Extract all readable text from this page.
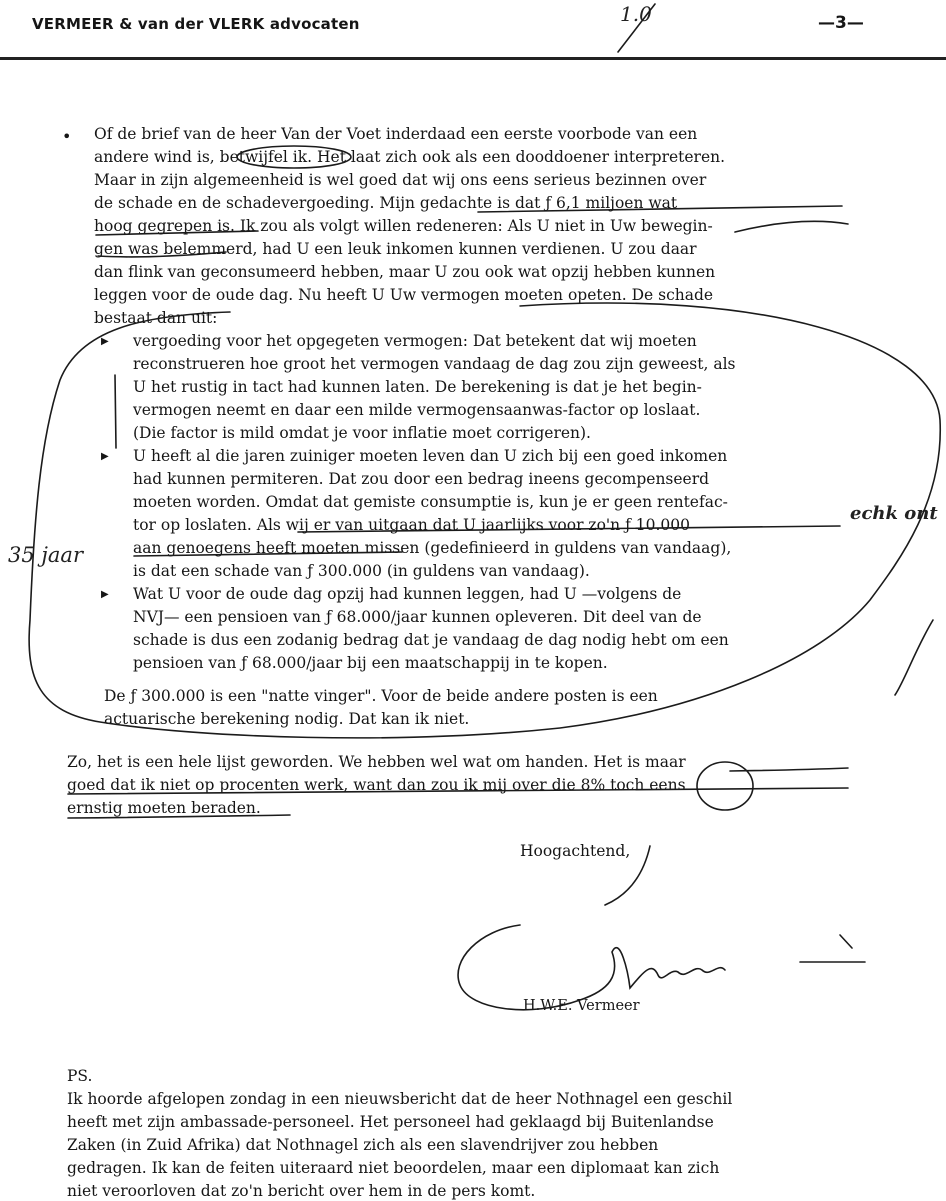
VERMEER & van der VLERK advocaten	1.0	—3—
• Of de brief van de heer Van der Voet inderdaad een eerste voorbode van een
andere wind is, betwijfel ik. Het laat zich ook als een dooddoener interpreteren.
Maar in zijn algemeenheid is wel goed dat wij ons eens serieus bezinnen over
de schade en de schadevergoeding. Mijn gedachte is dat ƒ 6,1 miljoen wat
hoog gegrepen is. Ik zou als volgt willen redeneren: Als U niet in Uw bewegin-
gen was belemmerd, had U een leuk inkomen kunnen verdienen. U zou daar
dan flink van geconsumeerd hebben, maar U zou ook wat opzij hebben kunnen
leggen voor de oude dag. Nu heeft U Uw vermogen moeten opeten. De schade
bestaat dan uit:
▶ vergoeding voor het opgegeten vermogen: Dat betekent dat wij moeten
reconstrueren hoe groot het vermogen vandaag de dag zou zijn geweest, als
U het rustig in tact had kunnen laten. De berekening is dat je het begin-
vermogen neemt en daar een milde vermogensaanwas-factor op loslaat.
(Die factor is mild omdat je voor inflatie moet corrigeren).
▶ U heeft al die jaren zuiniger moeten leven dan U zich bij een goed inkomen
had kunnen permiteren. Dat zou door een bedrag ineens gecompenseerd
moeten worden. Omdat dat gemiste consumptie is, kun je er geen rentefac-
tor op loslaten. Als wij er van uitgaan dat U jaarlijks voor zo'n ƒ 10.000
aan genoegens heeft moeten missen (gedefinieerd in guldens van vandaag),
is dat een schade van ƒ 300.000 (in guldens van vandaag).
▶ Wat U voor de oude dag opzij had kunnen leggen, had U —volgens de
NVJ— een pensioen van ƒ 68.000/jaar kunnen opleveren. Dit deel van de
schade is dus een zodanig bedrag dat je vandaag de dag nodig hebt om een
pensioen van ƒ 68.000/jaar bij een maatschappij in te kopen.
De ƒ 300.000 is een "natte vinger". Voor de beide andere posten is een
actuarische berekening nodig. Dat kan ik niet.
Zo, het is een hele lijst geworden. We hebben wel wat om handen. Het is maar
goed dat ik niet op procenten werk, want dan zou ik mij over die 8% toch eens
ernstig moeten beraden.
Hoogachtend,
H.W.E. Vermeer
35 jaar
echk ont
PS.
Ik hoorde afgelopen zondag in een nieuwsbericht dat de heer Nothnagel een geschil
heeft met zijn ambassade-personeel. Het personeel had geklaagd bij Buitenlandse
Zaken (in Zuid Afrika) dat Nothnagel zich als een slavendrijver zou hebben
gedragen. Ik kan de feiten uiteraard niet beoordelen, maar een diplomaat kan zich
niet veroorloven dat zo'n bericht over hem in de pers komt.
